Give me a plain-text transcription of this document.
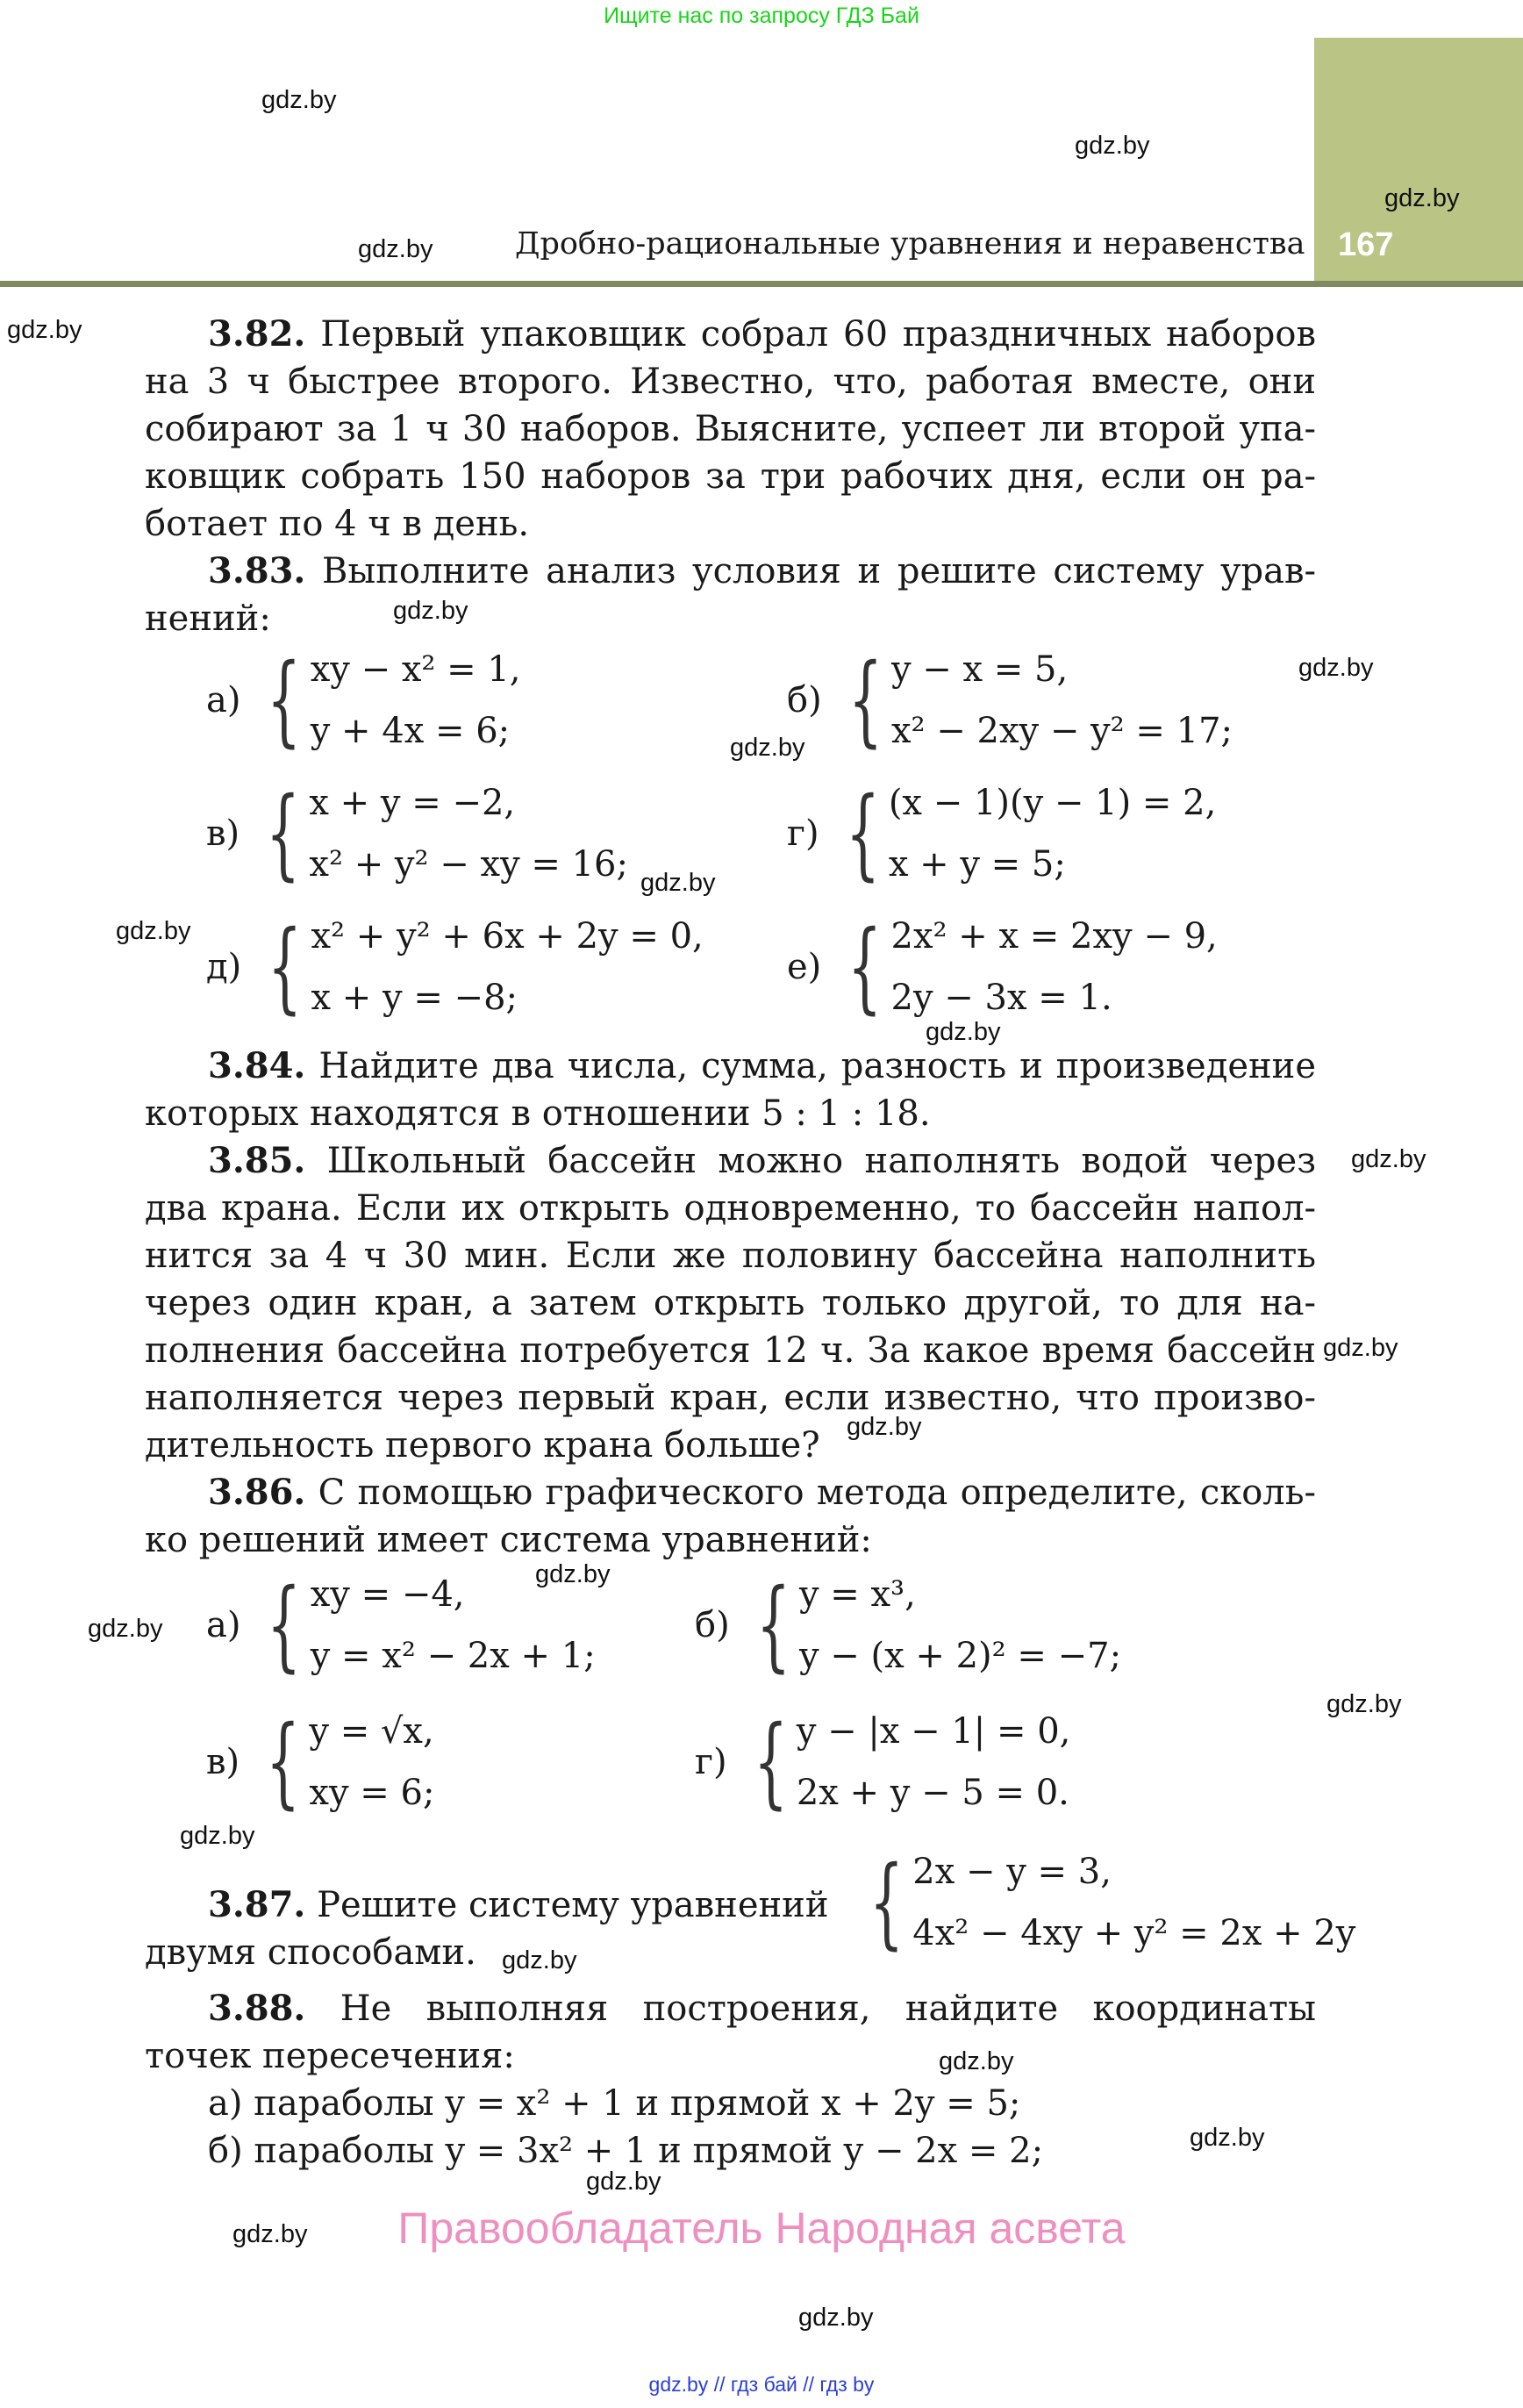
Ищите нас по запросу ГДЗ Бай
Дробно-рациональные уравнения и неравенства 167
3.82. Первый упаковщик собрал 60 праздничных наборов на 3 ч быстрее второго. Известно, что, работая вместе, они собирают за 1 ч 30 наборов. Выясните, успеет ли второй упа- ковщик собрать 150 наборов за три рабочих дня, если он ра- ботает по 4 ч в день.
3.83. Выполните анализ условия и решите систему урав- нений:
а) { xy − x² = 1,
y + 4x = 6;
б) { y − x = 5,
x² − 2xy − y² = 17;
в) { x + y = −2,
x² + y² − xy = 16;
г) { (x − 1)(y − 1) = 2,
x + y = 5;
д) { x² + y² + 6x + 2y = 0,
x + y = −8;
е) { 2x² + x = 2xy − 9,
2y − 3x = 1.
3.84. Найдите два числа, сумма, разность и произведение которых находятся в отношении 5 : 1 : 18.
3.85. Школьный бассейн можно наполнять водой через два крана. Если их открыть одновременно, то бассейн напол- нится за 4 ч 30 мин. Если же половину бассейна наполнить через один кран, а затем открыть только другой, то для на- полнения бассейна потребуется 12 ч. За какое время бассейн наполняется через первый кран, если известно, что произво- дительность первого крана больше?
3.86. С помощью графического метода определите, сколь- ко решений имеет система уравнений:
а) { xy = −4,
y = x² − 2x + 1;
б) { y = x³,
y − (x + 2)² = −7;
в) { y = √x,
xy = 6;
г) { y − |x − 1| = 0,
2x + y − 5 = 0.
3.87. Решите систему уравнений
двумя способами.	{ 2x − y = 3,
4x² − 4xy + y² = 2x + 2y
3.88. Не выполняя построения, найдите координаты точек пересечения:
а) параболы y = x² + 1 и прямой x + 2y = 5;
б) параболы y = 3x² + 1 и прямой y − 2x = 2;
gdz.by
gdz.by
gdz.by
gdz.by
gdz.by
gdz.by
gdz.by
gdz.by
gdz.by
gdz.by
gdz.by
gdz.by
gdz.by
gdz.by
gdz.by
gdz.by
gdz.by
gdz.by
gdz.by
gdz.by
gdz.by
gdz.by
gdz.by
gdz.by
Правообладатель Народная асвета
gdz.by // гдз бай // гдз by
